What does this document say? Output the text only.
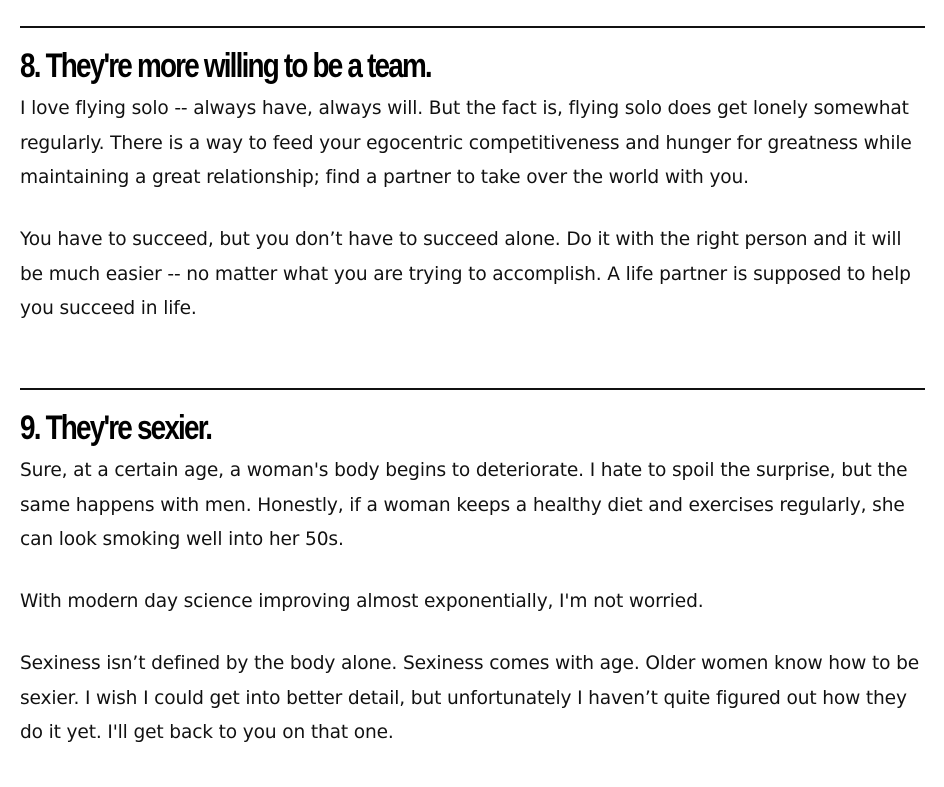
8. They're more willing to be a team.

I love flying solo -- always have, always will. But the fact is, flying solo does get lonely somewhat regularly. There is a way to feed your egocentric competitiveness and hunger for greatness while maintaining a great relationship; find a partner to take over the world with you.

You have to succeed, but you don’t have to succeed alone. Do it with the right person and it will be much easier -- no matter what you are trying to accomplish. A life partner is supposed to help you succeed in life.

9. They're sexier.

Sure, at a certain age, a woman's body begins to deteriorate. I hate to spoil the surprise, but the same happens with men. Honestly, if a woman keeps a healthy diet and exercises regularly, she can look smoking well into her 50s.

With modern day science improving almost exponentially, I'm not worried.

Sexiness isn’t defined by the body alone. Sexiness comes with age. Older women know how to be sexier. I wish I could get into better detail, but unfortunately I haven’t quite figured out how they do it yet. I'll get back to you on that one.
